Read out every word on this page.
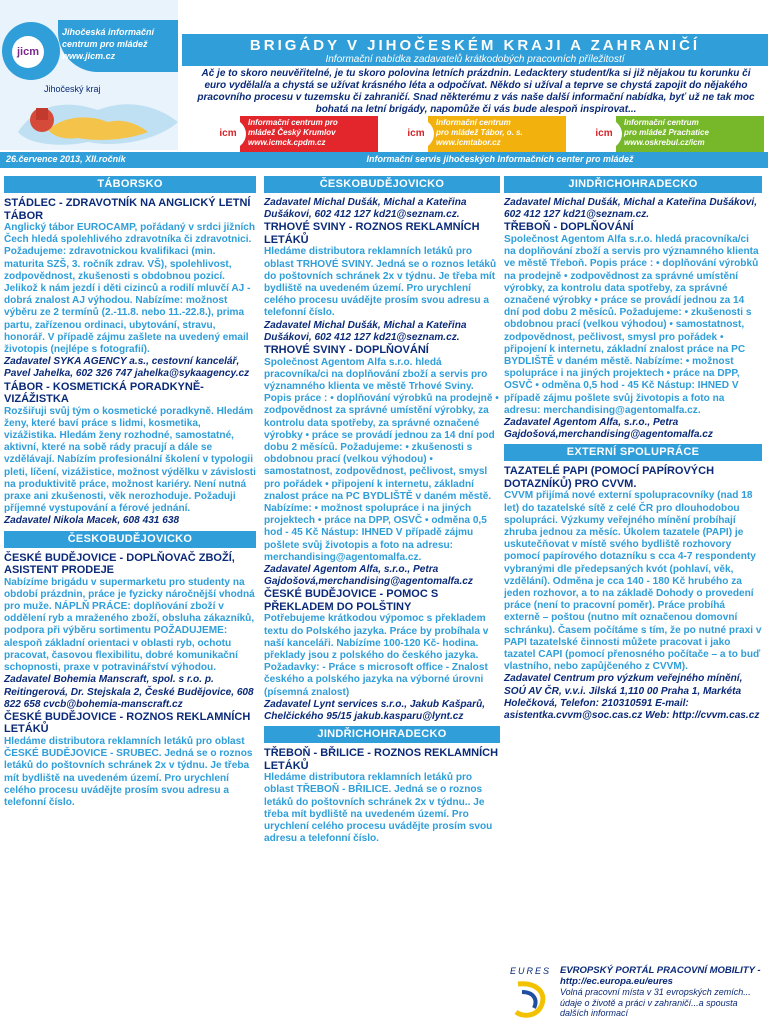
jicm
Jihočeská informační
centrum pro mládež
www.jicm.cz
Jihočeský kraj
BRIGÁDY V JIHOČESKÉM KRAJI A ZAHRANIČÍ
Informační nabídka zadavatelů krátkodobých pracovních příležitostí
Ač je to skoro neuvěřitelné, je tu skoro polovina letních prázdnin. Ledacktery student/ka si již nějakou tu korunku či euro vydělal/a a chystá se užívat krásného léta a odpočívat. Někdo si užíval a teprve se chystá zapojit do nějakého pracovního procesu v tuzemsku či zahraničí. Snad některému z vás naše další informační nabídka, byť už ne tak moc bohatá na letní brigády, napomůže či vás bude alespoň inspirovat...
icm
Informační centrum pro
mládež Český Krumlov
www.icmck.cpdm.cz
icm
Informační centrum
pro mládež Tábor, o. s.
www.icmtabor.cz
icm
Informační centrum
pro mládež Prachatice
www.oskrebul.cz/icm
26.července 2013, XII.ročník	Informační servis jihočeských Informačních center pro mládež
TÁBORSKO
STÁDLEC - ZDRAVOTNÍK NA ANGLICKÝ LETNÍ TÁBOR
Anglický tábor EUROCAMP, pořádaný v srdci jižních Čech hledá spolehlivého zdravotníka či zdravotnici. Požadujeme: zdravotnickou kvalifikaci (min. maturita SZŠ, 3. ročník zdrav. VŠ), spolehlivost, zodpovědnost, zkušenosti s obdobnou pozicí. Jelikož k nám jezdí i děti cizinců a rodilí mluvčí AJ - dobrá znalost AJ výhodou. Nabízíme: možnost výběru ze 2 termínů (2.-11.8. nebo 11.-22.8.), prima partu, zařízenou ordinaci, ubytování, stravu, honorář. V případě zájmu zašlete na uvedený email životopis (nejlépe s fotografií).
Zadavatel SYKA AGENCY a.s., cestovní kancelář, Pavel Jahelka, 602 326 747 jahelka@sykaagency.cz
TÁBOR - KOSMETICKÁ PORADKYNĚ-VIZÁŽISTKA
Rozšiřuji svůj tým o kosmetické poradkyně. Hledám ženy, které baví práce s lidmi, kosmetika, vizážistika. Hledám ženy rozhodné, samostatné, aktivní, které na sobě rády pracují a dále se vzdělávají. Nabízím profesionální školení v typologii pleti, líčení, vizážistice, možnost výdělku v závislosti na produktivitě práce, možnost kariéry. Není nutná praxe ani zkušenosti, věk nerozhoduje. Požaduji příjemné vystupování a férové jednání.
Zadavatel Nikola Macek, 608 431 638
ČESKOBUDĚJOVICKO
ČESKÉ BUDĚJOVICE - DOPLŇOVAČ ZBOŽÍ, ASISTENT PRODEJE
Nabízíme brigádu v supermarketu pro studenty na období prázdnin, práce je fyzicky náročnější vhodná pro muže. NÁPLŇ PRÁCE: doplňování zboží v oddělení ryb a mraženého zboží, obsluha zákazníků, podpora při výběru sortimentu POŽADUJEME: alespoň základní orientaci v oblasti ryb, ochotu pracovat, časovou flexibilitu, dobré komunikační schopnosti, praxe v potravinářství výhodou.
Zadavatel Bohemia Manscraft, spol. s r.o. p. Reitingerová, Dr. Stejskala 2, České Budějovice, 608 822 658 cvcb@bohemia-manscraft.cz
ČESKÉ BUDĚJOVICE - ROZNOS REKLAMNÍCH LETÁKŮ
Hledáme distributora reklamních letáků pro oblast ČESKÉ BUDĚJOVICE - SRUBEC. Jedná se o roznos letáků do poštovních schránek 2x v týdnu. Je třeba mít bydliště na uvedeném území. Pro urychlení celého procesu uvádějte prosím svou adresu a telefonní číslo.
ČESKOBUDĚJOVICKO
Zadavatel Michal Dušák, Michal a Kateřina Dušákovi, 602 412 127 kd21@seznam.cz.
TRHOVÉ SVINY - ROZNOS REKLAMNÍCH LETÁKŮ
Hledáme distributora reklamních letáků pro oblast TRHOVÉ SVINY. Jedná se o roznos letáků do poštovních schránek 2x v týdnu. Je třeba mít bydliště na uvedeném území. Pro urychlení celého procesu uvádějte prosím svou adresu a telefonní číslo.
Zadavatel Michal Dušák, Michal a Kateřina Dušákovi, 602 412 127 kd21@seznam.cz.
TRHOVÉ SVINY - DOPLŇOVÁNÍ
Společnost Agentom Alfa s.r.o. hledá pracovníka/ci na doplňování zboží a servis pro významného klienta ve městě Trhové Sviny. Popis práce : • doplňování výrobků na prodejně • zodpovědnost za správné umístění výrobky, za kontrolu data spotřeby, za správné označené výrobky • práce se provádí jednou za 14 dní pod dobu 2 měsíců. Požadujeme: • zkušenosti s obdobnou prací (velkou výhodou) • samostatnost, zodpovědnost, pečlivost, smysl pro pořádek • připojení k internetu, základní znalost práce na PC BYDLIŠTĚ v daném městě. Nabízíme: • možnost spolupráce i na jiných projektech • práce na DPP, OSVČ • odměna 0,5 hod - 45 Kč Nástup: IHNED V případě zájmu pošlete svůj životopis a foto na adresu: merchandising@agentomalfa.cz.
Zadavatel Agentom Alfa, s.r.o., Petra Gajdošová,merchandising@agentomalfa.cz
ČESKÉ BUDĚJOVICE - POMOC S PŘEKLADEM DO POLŠTINY
Potřebujeme krátkodou výpomoc s překladem textu do Polského jazyka. Práce by probíhala v naší kanceláři. Nabízíme 100-120 Kč- hodina. překlady jsou z polského do českého jazyka. Požadavky: - Práce s microsoft office - Znalost českého a polského jazyka na výborné úrovni (písemná znalost)
Zadavatel Lynt services s.r.o., Jakub Kašparů, Chelčického 95/15 jakub.kasparu@lynt.cz
JINDŘICHOHRADECKO
TŘEBOŇ - BŘILICE - ROZNOS REKLAMNÍCH LETÁKŮ
Hledáme distributora reklamních letáků pro oblast TŘEBOŇ - BŘILICE. Jedná se o roznos letáků do poštovních schránek 2x v týdnu.. Je třeba mít bydliště na uvedeném území. Pro urychlení celého procesu uvádějte prosím svou adresu a telefonní číslo.
JINDŘICHOHRADECKO
Zadavatel Michal Dušák, Michal a Kateřina Dušákovi, 602 412 127 kd21@seznam.cz.
TŘEBOŇ - DOPLŇOVÁNÍ
Společnost Agentom Alfa s.r.o. hledá pracovníka/ci na doplňování zboží a servis pro významného klienta ve městě Třeboň. Popis práce : • doplňování výrobků na prodejně • zodpovědnost za správné umístění výrobky, za kontrolu data spotřeby, za správné označené výrobky • práce se provádí jednou za 14 dní pod dobu 2 měsíců. Požadujeme: • zkušenosti s obdobnou prací (velkou výhodou) • samostatnost, zodpovědnost, pečlivost, smysl pro pořádek • připojení k internetu, základní znalost práce na PC BYDLIŠTĚ v daném městě. Nabízíme: • možnost spolupráce i na jiných projektech • práce na DPP, OSVČ • odměna 0,5 hod - 45 Kč Nástup: IHNED V případě zájmu pošlete svůj životopis a foto na adresu: merchandising@agentomalfa.cz.
Zadavatel Agentom Alfa, s.r.o., Petra Gajdošová,merchandising@agentomalfa.cz
EXTERNÍ SPOLUPRÁCE
TAZATELÉ PAPI (POMOCÍ PAPÍROVÝCH DOTAZNÍKŮ) PRO CVVM.
CVVM přijímá nové externí spolupracovníky (nad 18 let) do tazatelské sítě z celé ČR pro dlouhodobou spolupráci. Výzkumy veřejného mínění probíhají zhruba jednou za měsíc. Úkolem tazatele (PAPI) je uskutečňovat v místě svého bydliště rozhovory pomocí papírového dotazníku s cca 4-7 respondenty vybranými dle předepsaných kvót (pohlaví, věk, vzdělání). Odměna je cca 140 - 180 Kč hrubého za jeden rozhovor, a to na základě Dohody o provedení práce (není to pracovní poměr). Práce probíhá externě – poštou (nutno mít označenou domovní schránku). Časem počítáme s tím, že po nutné praxi v PAPI tazatelské činnosti můžete pracovat i jako tazatel CAPI (pomocí přenosného počítače – a to buď vlastního, nebo zapůjčeného z CVVM).
Zadavatel Centrum pro výzkum veřejného mínění, SOÚ AV ČR, v.v.i. Jilská 1,110 00 Praha 1, Markéta Holečková, Telefon: 210310591 E-mail: asistentka.cvvm@soc.cas.cz Web: http://cvvm.cas.cz
EURES EVROPSKÝ PORTÁL PRACOVNÍ MOBILITY - http://ec.europa.eu/eures
Volná pracovní místa v 31 evropských zemích... údaje o životě a práci v zahraničí...a spousta dalších informací
